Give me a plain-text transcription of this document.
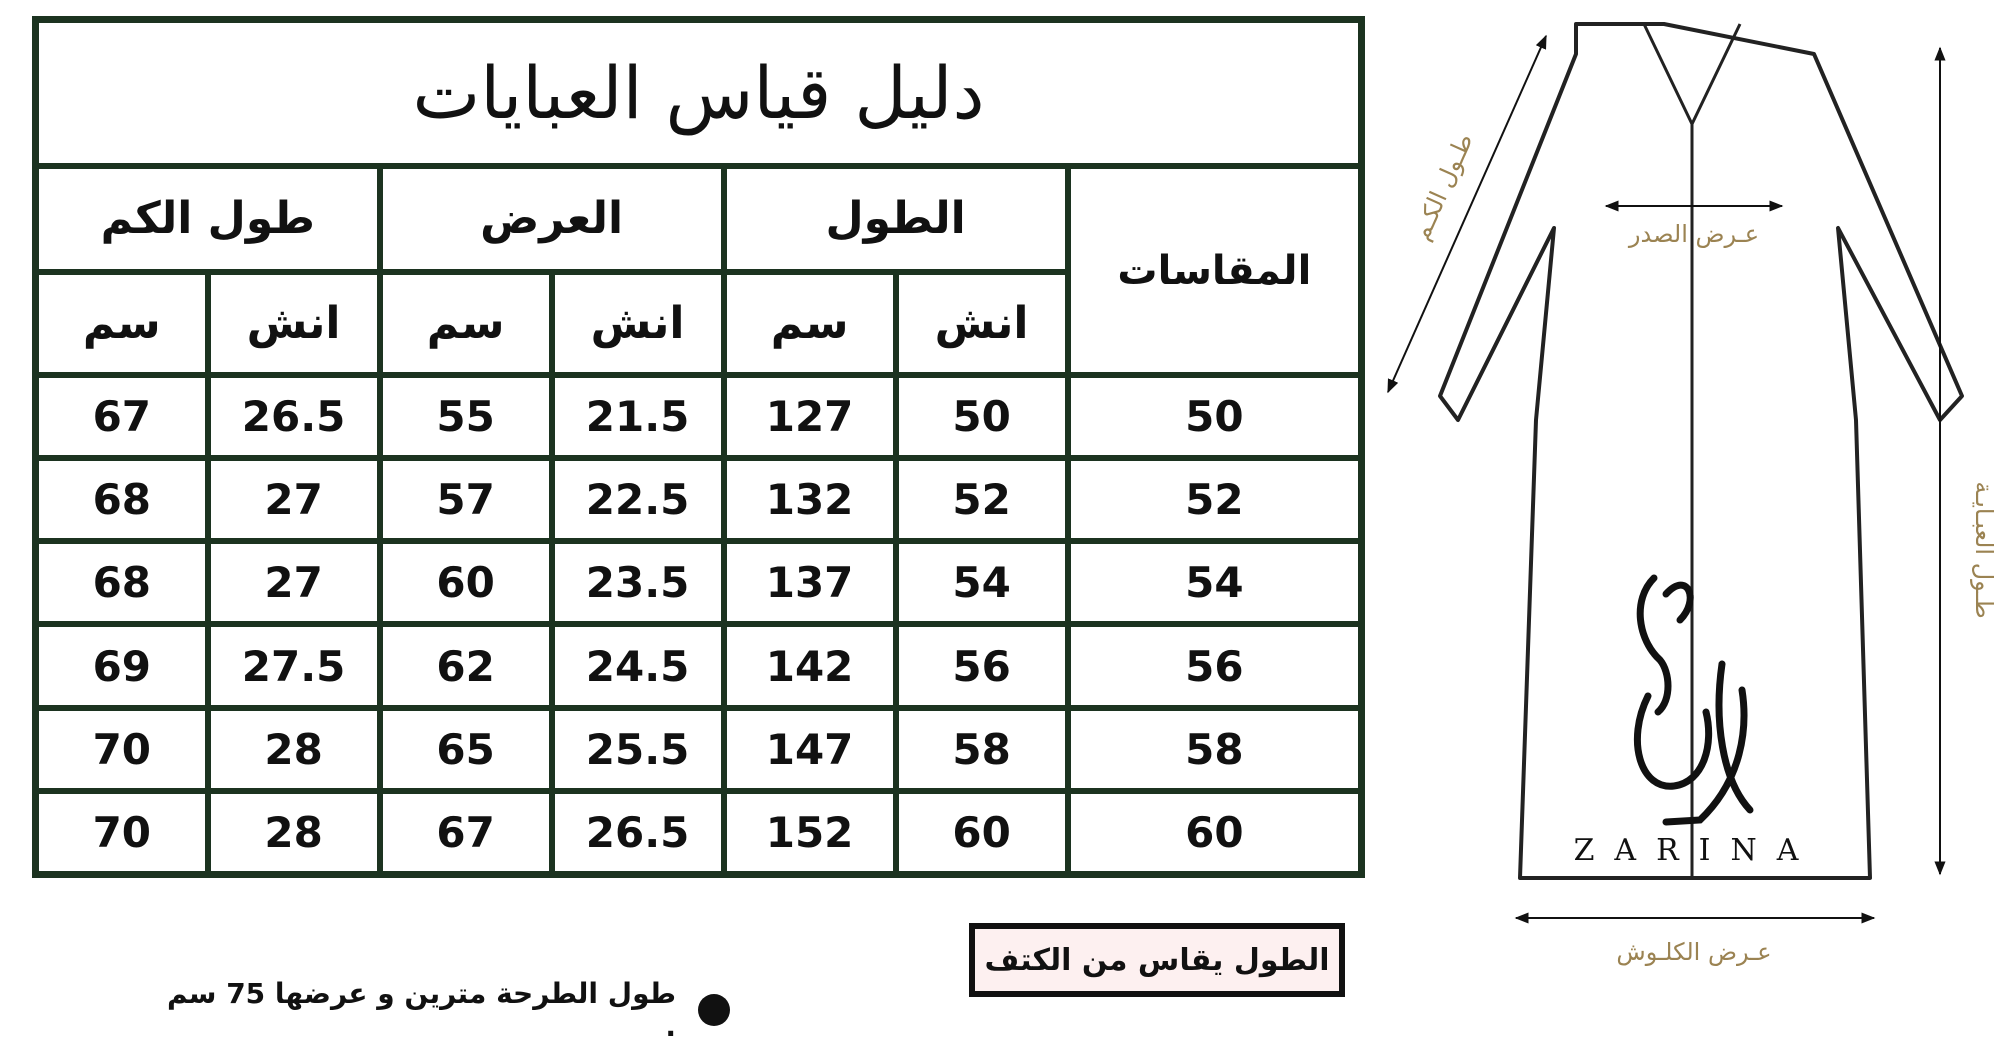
دليل قياس العبايات						
المقاسات	الطول		العرض		طول الكم	
	انش	سم	انش	سم	انش	سم
50	50	127	21.5	55	26.5	67
52	52	132	22.5	57	27	68
54	54	137	23.5	60	27	68
56	56	142	24.5	62	27.5	69
58	58	147	25.5	65	28	70
60	60	152	26.5	67	28	70
الطول يقاس من الكتف
طول الطرحة مترين و عرضها 75 سم .
طـول الكـم	عـرض الصدر
طـول العبـايـة
عـرض الكلـوش
ZARINA
